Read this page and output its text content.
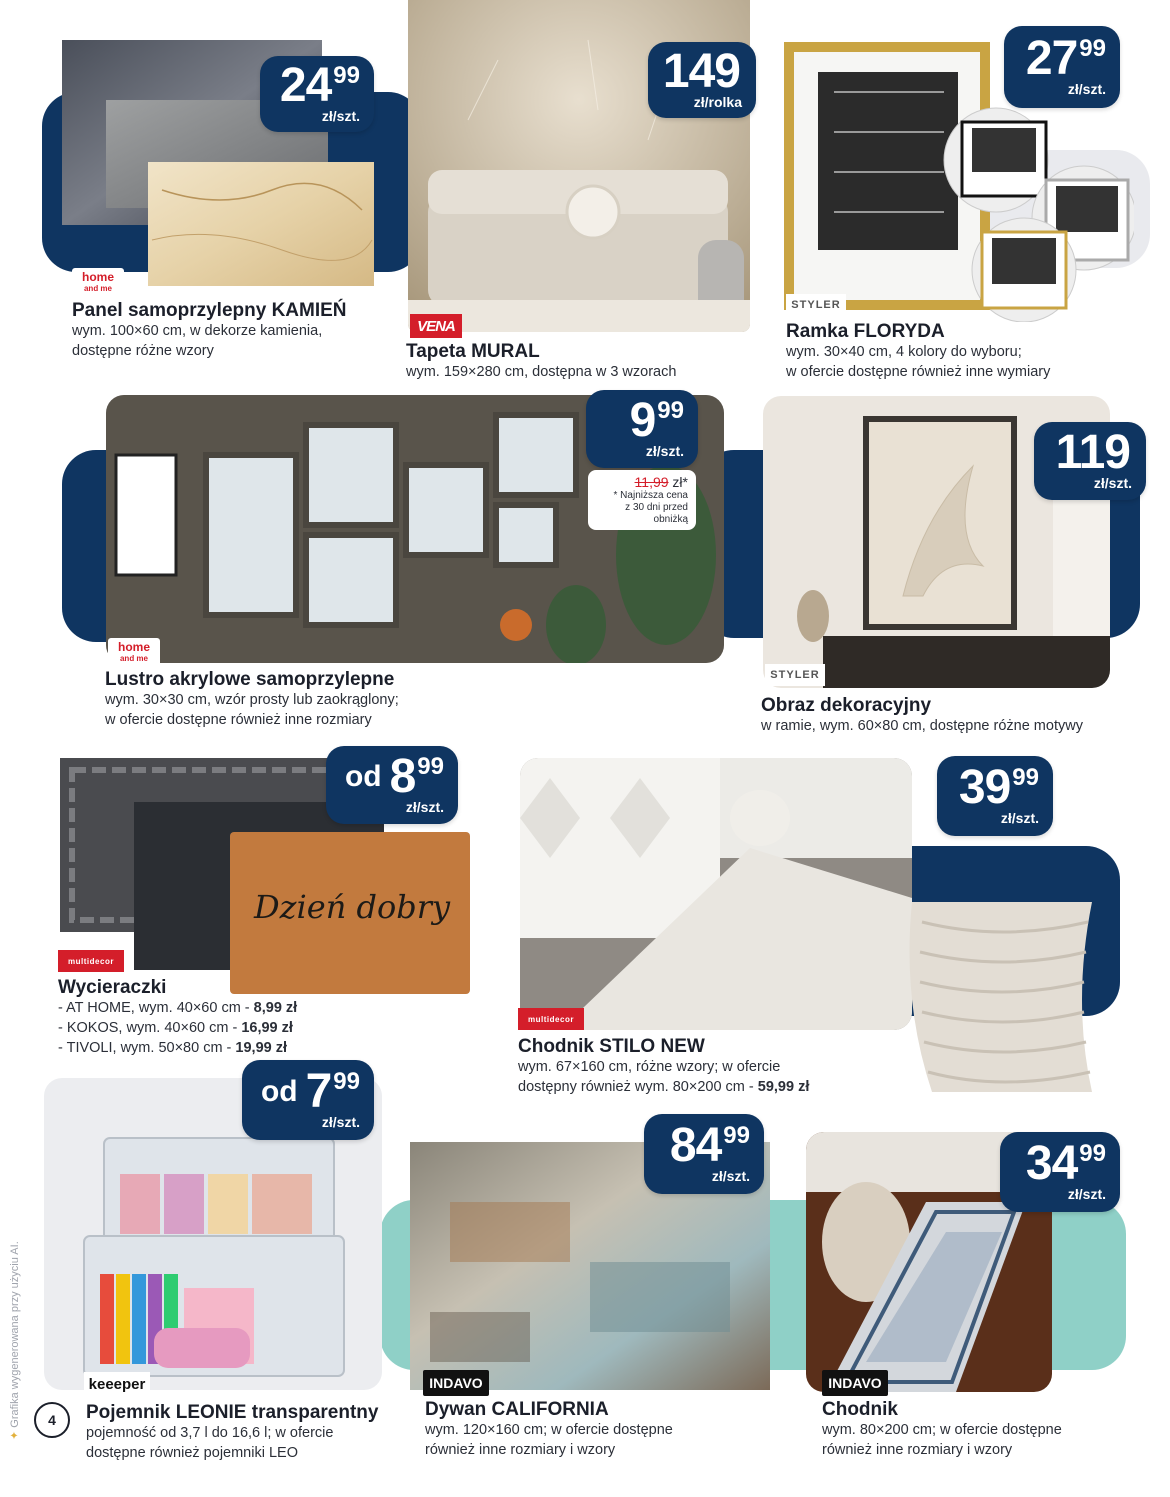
24 99
zł/szt.
home
and me
Panel samoprzylepny KAMIEŃ
wym. 100×60 cm, w dekorze kamienia,
dostępne różne wzory
149
zł/rolka
VENA
Tapeta MURAL
wym. 159×280 cm, dostępna w 3 wzorach
27 99
zł/szt.
STYLER
Ramka FLORYDA
wym. 30×40 cm, 4 kolory do wyboru;
w ofercie dostępne również inne wymiary
9 99
zł/szt.
11,99 zł*
* Najniższa cena
z 30 dni przed obniżką
home
and me
Lustro akrylowe samoprzylepne
wym. 30×30 cm, wzór prosty lub zaokrąglony;
w ofercie dostępne również inne rozmiary
119
zł/szt.
STYLER
Obraz dekoracyjny
w ramie, wym. 60×80 cm, dostępne różne motywy
Dzień dobry
od 8 99
zł/szt.
multidecor
Wycieraczki
- AT HOME, wym. 40×60 cm - 8,99 zł
- KOKOS, wym. 40×60 cm - 16,99 zł
- TIVOLI, wym. 50×80 cm - 19,99 zł
39 99
zł/szt.
multidecor
Chodnik STILO NEW
wym. 67×160 cm, różne wzory; w ofercie
dostępny również wym. 80×200 cm - 59,99 zł
od 7 99
zł/szt.
keeeper
Pojemnik LEONIE transparentny
pojemność od 3,7 l do 16,6 l; w ofercie
dostępne również pojemniki LEO
84 99
zł/szt.
INDAVO
Dywan CALIFORNIA
wym. 120×160 cm; w ofercie dostępne
również inne rozmiary i wzory
34 99
zł/szt.
INDAVO
Chodnik
wym. 80×200 cm; w ofercie dostępne
również inne rozmiary i wzory
✦ Grafika wygenerowana przy użyciu AI.	4
